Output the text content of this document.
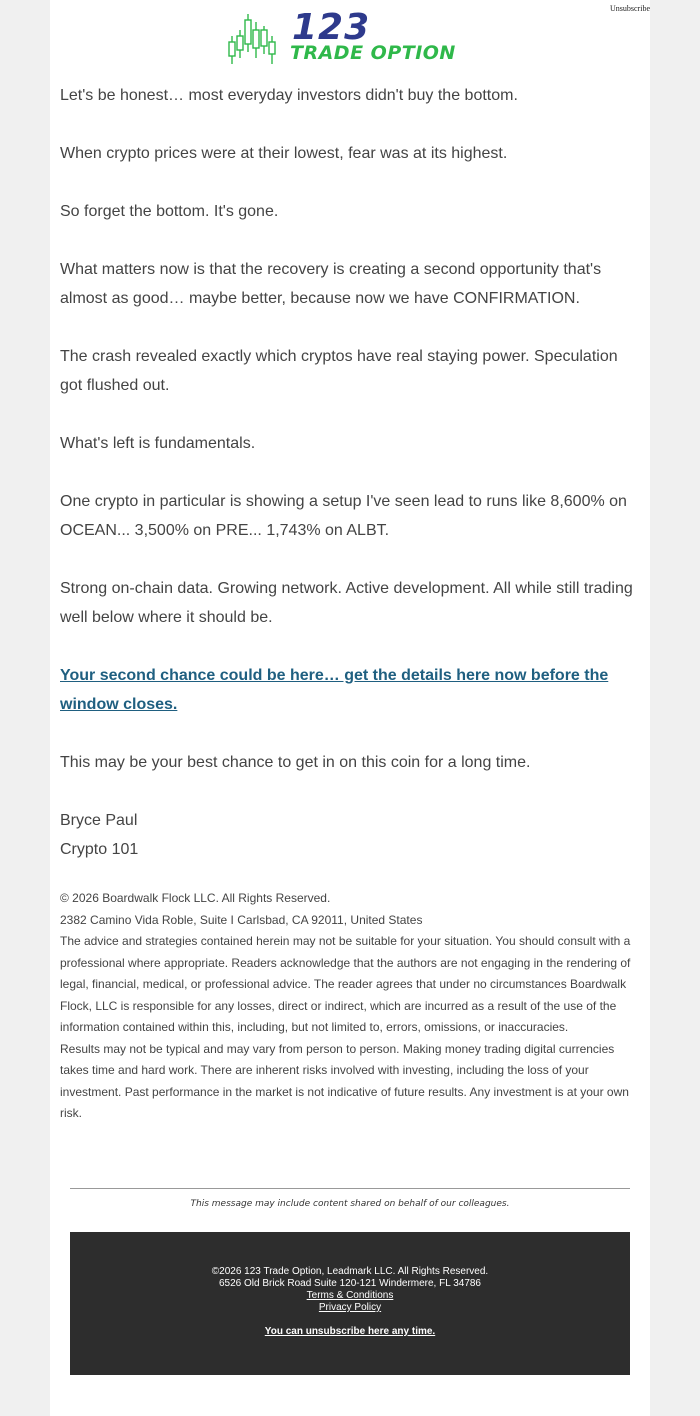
Unsubscribe
123
TRADE OPTION

Let's be honest… most everyday investors didn't buy the bottom.

When crypto prices were at their lowest, fear was at its highest.

So forget the bottom. It's gone.

What matters now is that the recovery is creating a second opportunity that's almost as good… maybe better, because now we have CONFIRMATION.

The crash revealed exactly which cryptos have real staying power. Speculation got flushed out.

What's left is fundamentals.

One crypto in particular is showing a setup I've seen lead to runs like 8,600% on OCEAN... 3,500% on PRE... 1,743% on ALBT.

Strong on-chain data. Growing network. Active development. All while still trading well below where it should be.

Your second chance could be here… get the details here now before the window closes.

This may be your best chance to get in on this coin for a long time.

Bryce Paul

Crypto 101

© 2026 Boardwalk Flock LLC. All Rights Reserved.

2382 Camino Vida Roble, Suite I Carlsbad, CA 92011, United States

The advice and strategies contained herein may not be suitable for your situation. You should consult with a professional where appropriate. Readers acknowledge that the authors are not engaging in the rendering of legal, financial, medical, or professional advice. The reader agrees that under no circumstances Boardwalk Flock, LLC is responsible for any losses, direct or indirect, which are incurred as a result of the use of the information contained within this, including, but not limited to, errors, omissions, or inaccuracies.

Results may not be typical and may vary from person to person. Making money trading digital currencies takes time and hard work. There are inherent risks involved with investing, including the loss of your investment. Past performance in the market is not indicative of future results. Any investment is at your own risk.

This message may include content shared on behalf of our colleagues.
©2026 123 Trade Option, Leadmark LLC. All Rights Reserved.
6526 Old Brick Road Suite 120-121 Windermere, FL 34786
Terms & Conditions
Privacy Policy
You can unsubscribe here any time.
